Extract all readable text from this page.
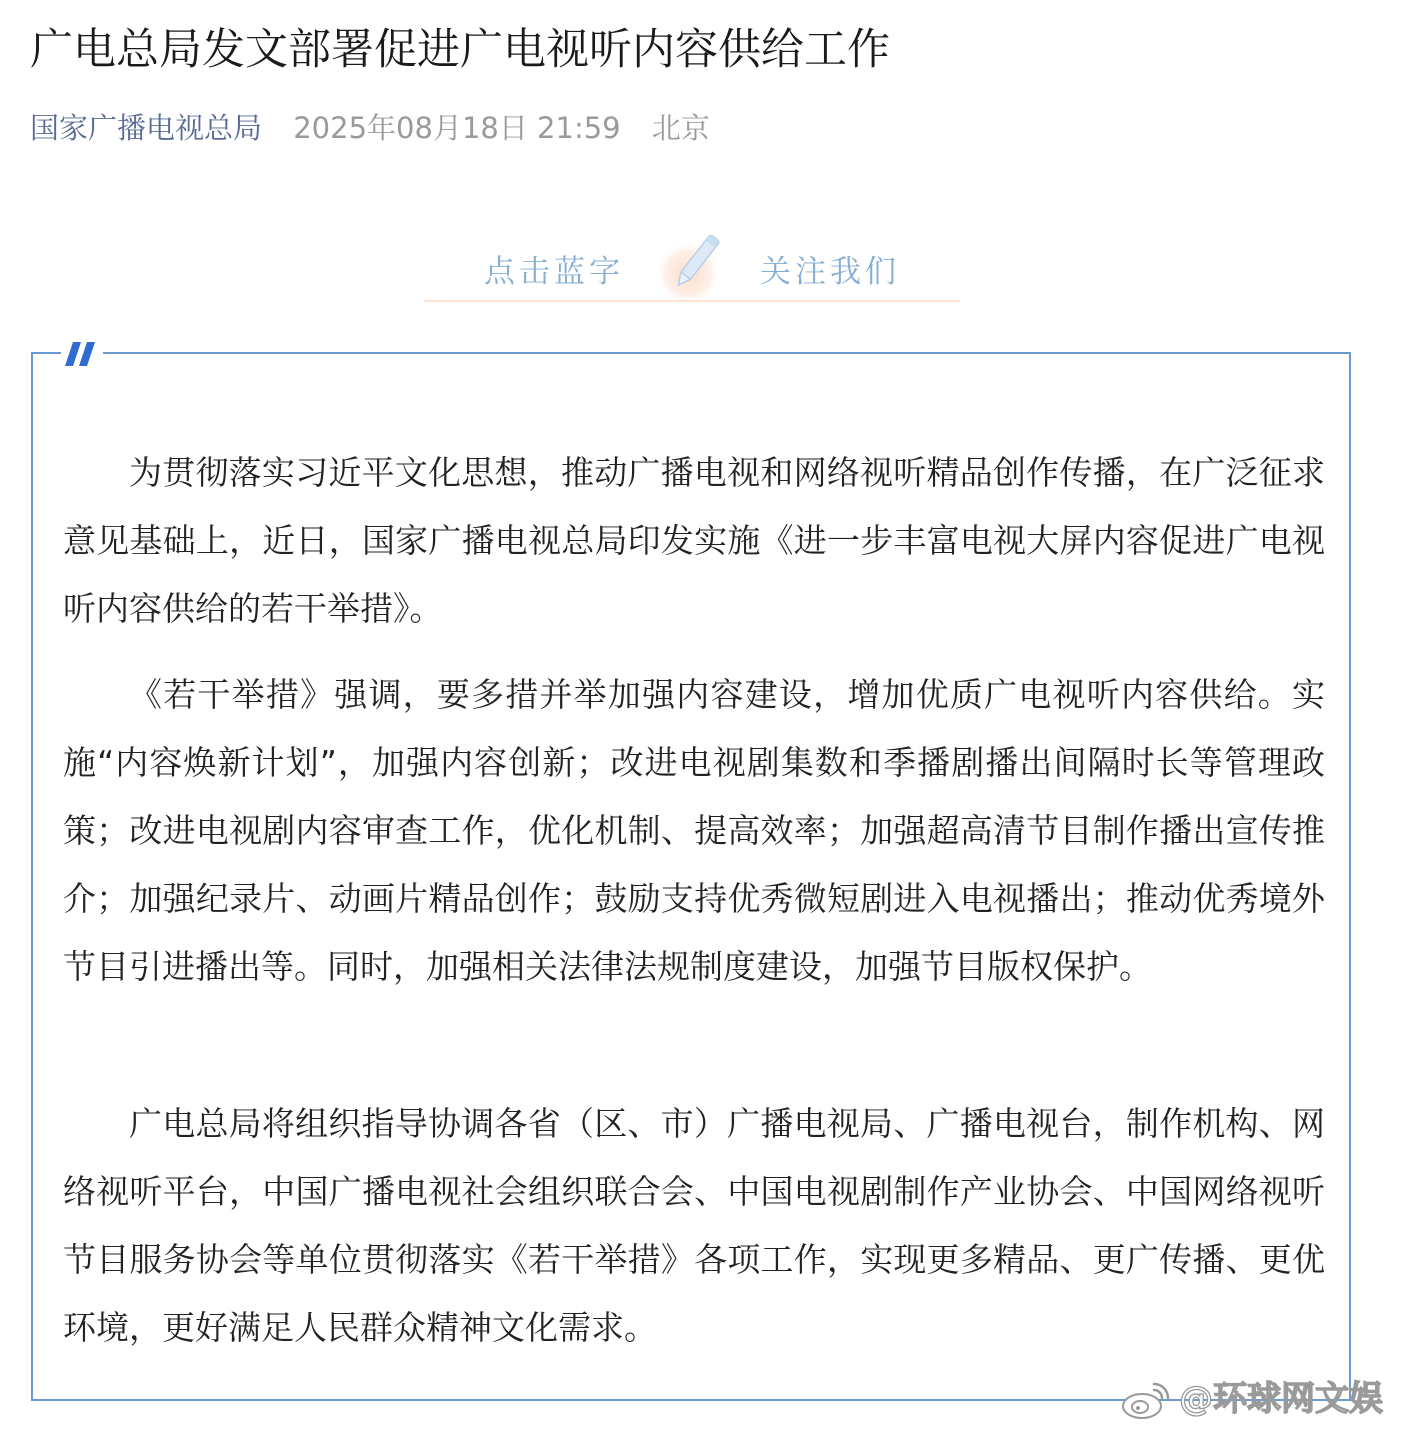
广电总局发文部署促进广电视听内容供给工作
国家广播电视总局 2025年08月18日 21:59 北京
点击蓝字	关注我们

为贯彻落实习近平文化思想，推动广播电视和网络视听精品创作传播，在广泛征求意见基础上，近日，国家广播电视总局印发实施《进一步丰富电视大屏内容促进广电视听内容供给的若干举措》。

《若干举措》强调，要多措并举加强内容建设，增加优质广电视听内容供给。实施“内容焕新计划”，加强内容创新；改进电视剧集数和季播剧播出间隔时长等管理政策；改进电视剧内容审查工作，优化机制、提高效率；加强超高清节目制作播出宣传推介；加强纪录片、动画片精品创作；鼓励支持优秀微短剧进入电视播出；推动优秀境外节目引进播出等。同时，加强相关法律法规制度建设，加强节目版权保护。

广电总局将组织指导协调各省（区、市）广播电视局、广播电视台，制作机构、网络视听平台，中国广播电视社会组织联合会、中国电视剧制作产业协会、中国网络视听节目服务协会等单位贯彻落实《若干举措》各项工作，实现更多精品、更广传播、更优环境，更好满足人民群众精神文化需求。

@环球网文娱
